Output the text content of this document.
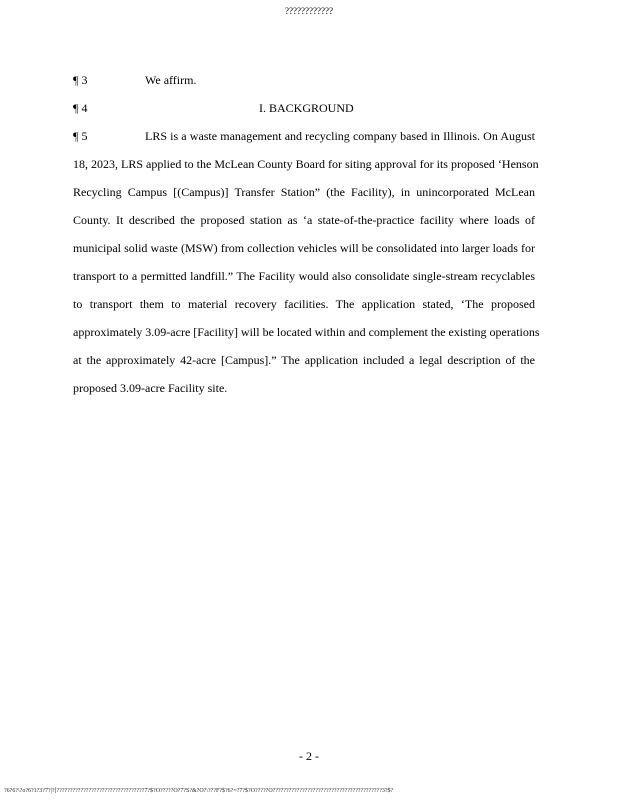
????????????
¶ 3	We affirm.
¶ 4	I. BACKGROUND
¶ 5	LRS is a waste management and recycling company based in Illinois. On August
18, 2023, LRS applied to the McLean County Board for siting approval for its proposed ‘Henson
Recycling Campus [(Campus)] Transfer Station” (the Facility), in unincorporated McLean
County. It described the proposed station as ‘a state-of-the-practice facility where loads of
municipal solid waste (MSW) from collection vehicles will be consolidated into larger loads for
transport to a permitted landfill.” The Facility would also consolidate single-stream recyclables
to transport them to material recovery facilities. The application stated, ‘The proposed
approximately 3.09-acre [Facility] will be located within and complement the existing operations
at the approximately 42-acre [Campus].” The application included a legal description of the
proposed 3.09-acre Facility site.
- 2 -
?6?6?\?o?6?1?3?7?|?[?????????????????????????????????7?$?O?????O?7?S?&?O?\???F?$?6?=?7?$?O?????O?????????????????????????????????????????3?$?
